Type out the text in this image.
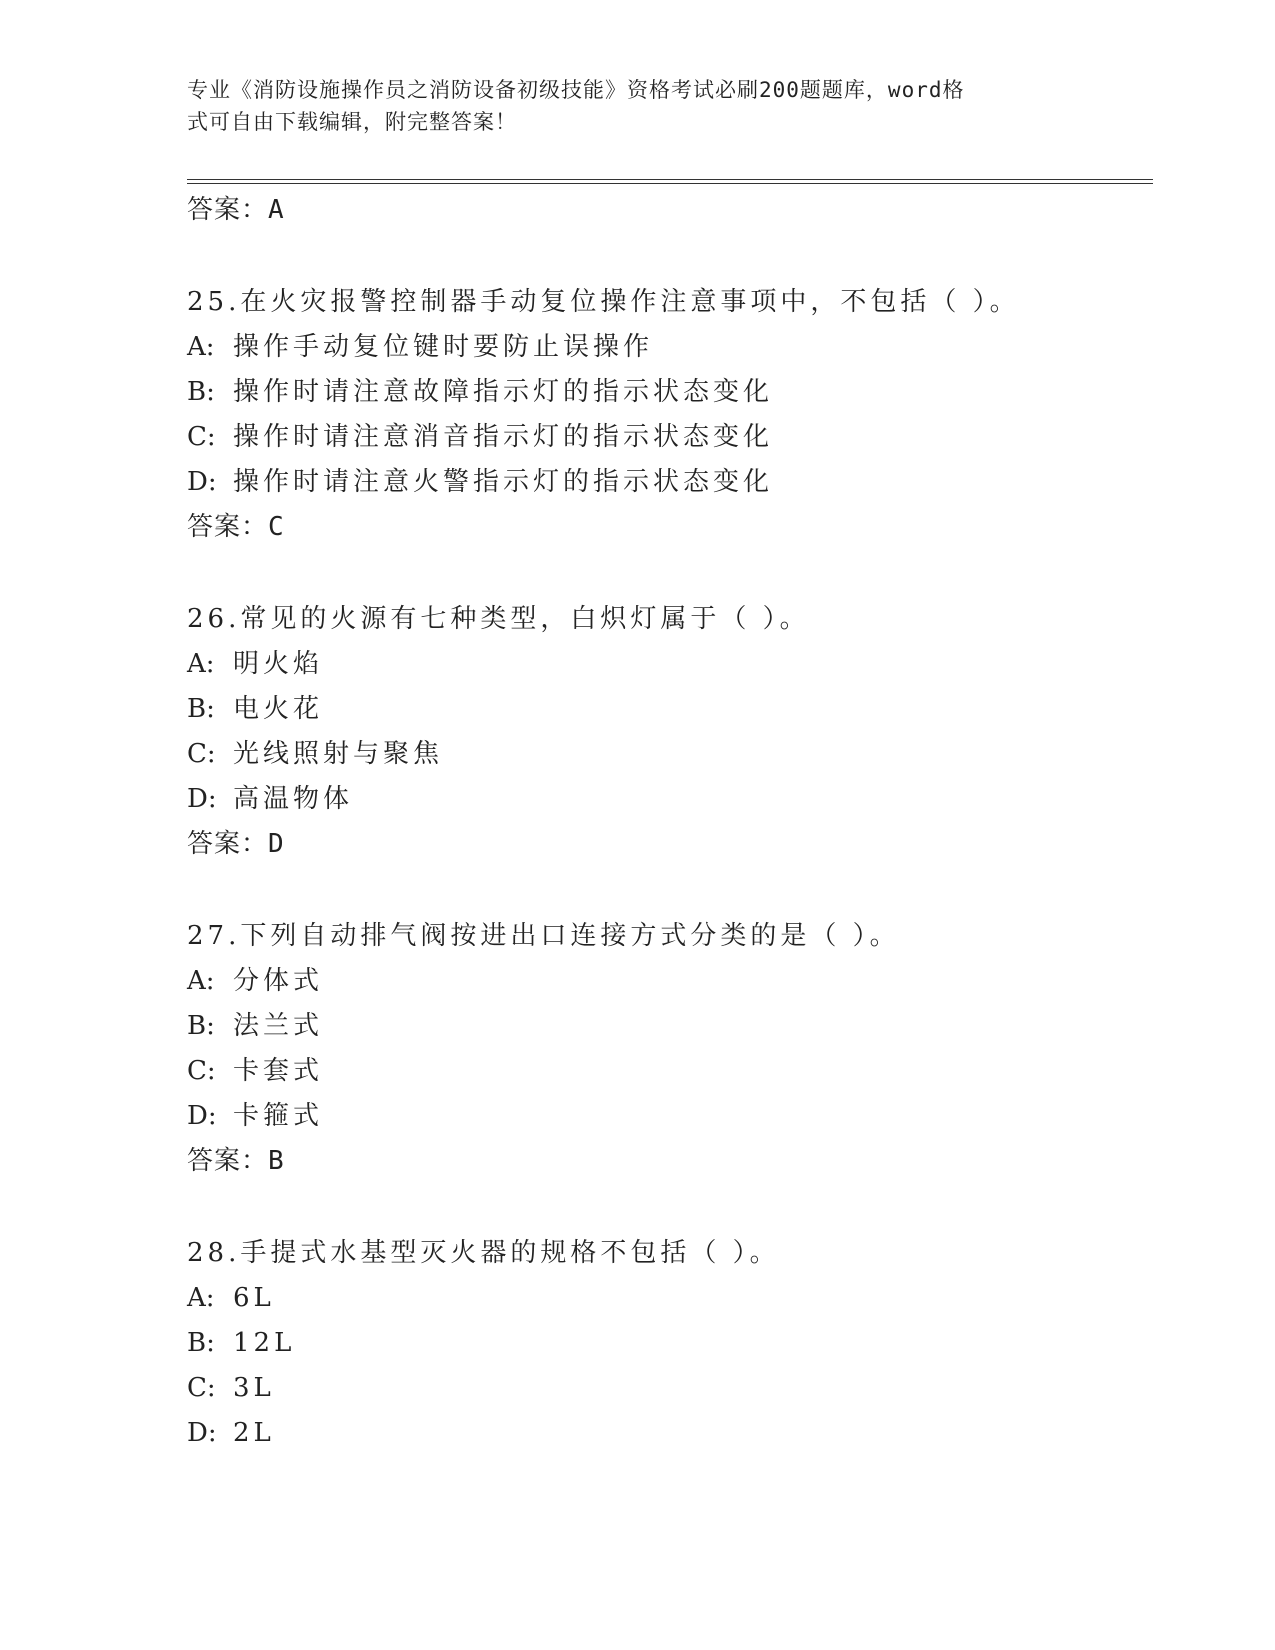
专业《消防设施操作员之消防设备初级技能》资格考试必刷200题题库，word格
式可自由下载编辑，附完整答案！
答案：A
25.在火灾报警控制器手动复位操作注意事项中，不包括（ ）。
A: 操作手动复位键时要防止误操作
B: 操作时请注意故障指示灯的指示状态变化
C: 操作时请注意消音指示灯的指示状态变化
D: 操作时请注意火警指示灯的指示状态变化
答案：C
26.常见的火源有七种类型，白炽灯属于（ ）。
A: 明火焰
B: 电火花
C: 光线照射与聚焦
D: 高温物体
答案：D
27.下列自动排气阀按进出口连接方式分类的是（ ）。
A: 分体式
B: 法兰式
C: 卡套式
D: 卡箍式
答案：B
28.手提式水基型灭火器的规格不包括（ ）。
A: 6L
B: 12L
C: 3L
D: 2L
